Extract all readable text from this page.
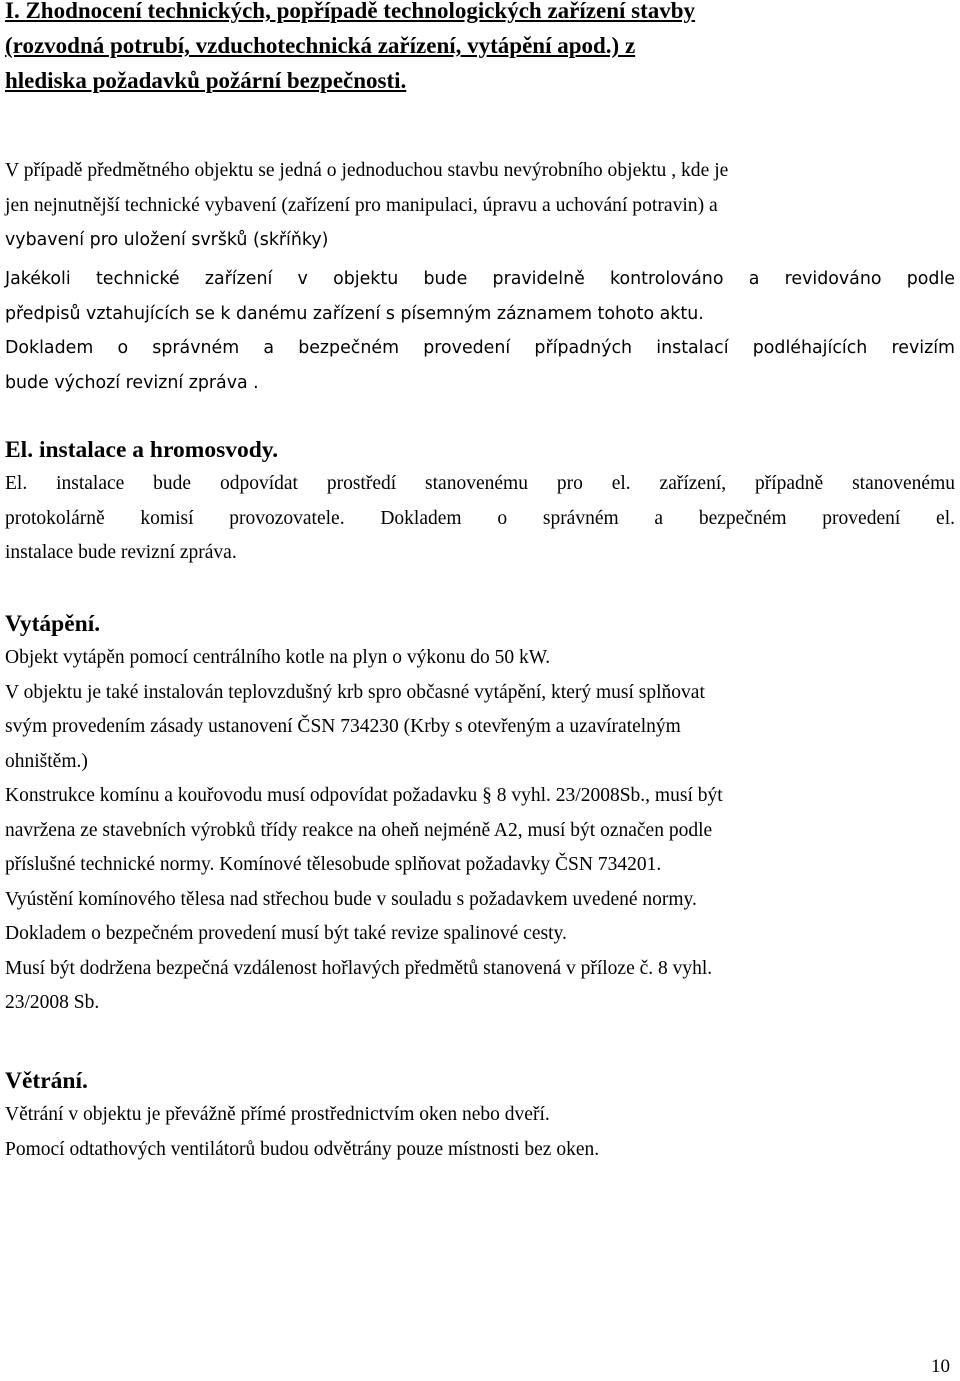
I. Zhodnocení technických, popřípadě technologických zařízení stavby
(rozvodná potrubí, vzduchotechnická zařízení, vytápění apod.) z
hlediska požadavků požární bezpečnosti.
V případě předmětného objektu se jedná o jednoduchou stavbu nevýrobního objektu , kde je
jen nejnutnější technické vybavení (zařízení pro manipulaci, úpravu a uchování potravin) a
vybavení pro uložení svršků (skříňky)
Jakékoli technické zařízení v objektu bude pravidelně kontrolováno a revidováno podle
předpisů vztahujících se k danému zařízení s písemným záznamem tohoto aktu.
Dokladem o správném a bezpečném provedení případných instalací podléhajících revizím
bude výchozí revizní zpráva .
El. instalace a hromosvody.
El. instalace bude odpovídat prostředí stanovenému pro el. zařízení, případně stanovenému
protokolárně komisí provozovatele. Dokladem o správném a bezpečném provedení el.
instalace bude revizní zpráva.
Vytápění.
Objekt vytápěn pomocí centrálního kotle na plyn o výkonu do 50 kW.
V objektu je také instalován teplovzdušný krb spro občasné vytápění, který musí splňovat
svým provedením zásady ustanovení ČSN 734230 (Krby s otevřeným a uzavíratelným
ohništěm.)
Konstrukce komínu a kouřovodu musí odpovídat požadavku § 8 vyhl. 23/2008Sb., musí být
navržena ze stavebních výrobků třídy reakce na oheň nejméně A2, musí být označen podle
příslušné technické normy. Komínové tělesobude splňovat požadavky ČSN 734201.
Vyústění komínového tělesa nad střechou bude v souladu s požadavkem uvedené normy.
Dokladem o bezpečném provedení musí být také revize spalinové cesty.
Musí být dodržena bezpečná vzdálenost hořlavých předmětů stanovená v příloze č. 8 vyhl.
23/2008 Sb.
Větrání.
Větrání v objektu je převážně přímé prostřednictvím oken nebo dveří.
Pomocí odtathových ventilátorů budou odvětrány pouze místnosti bez oken.
10
